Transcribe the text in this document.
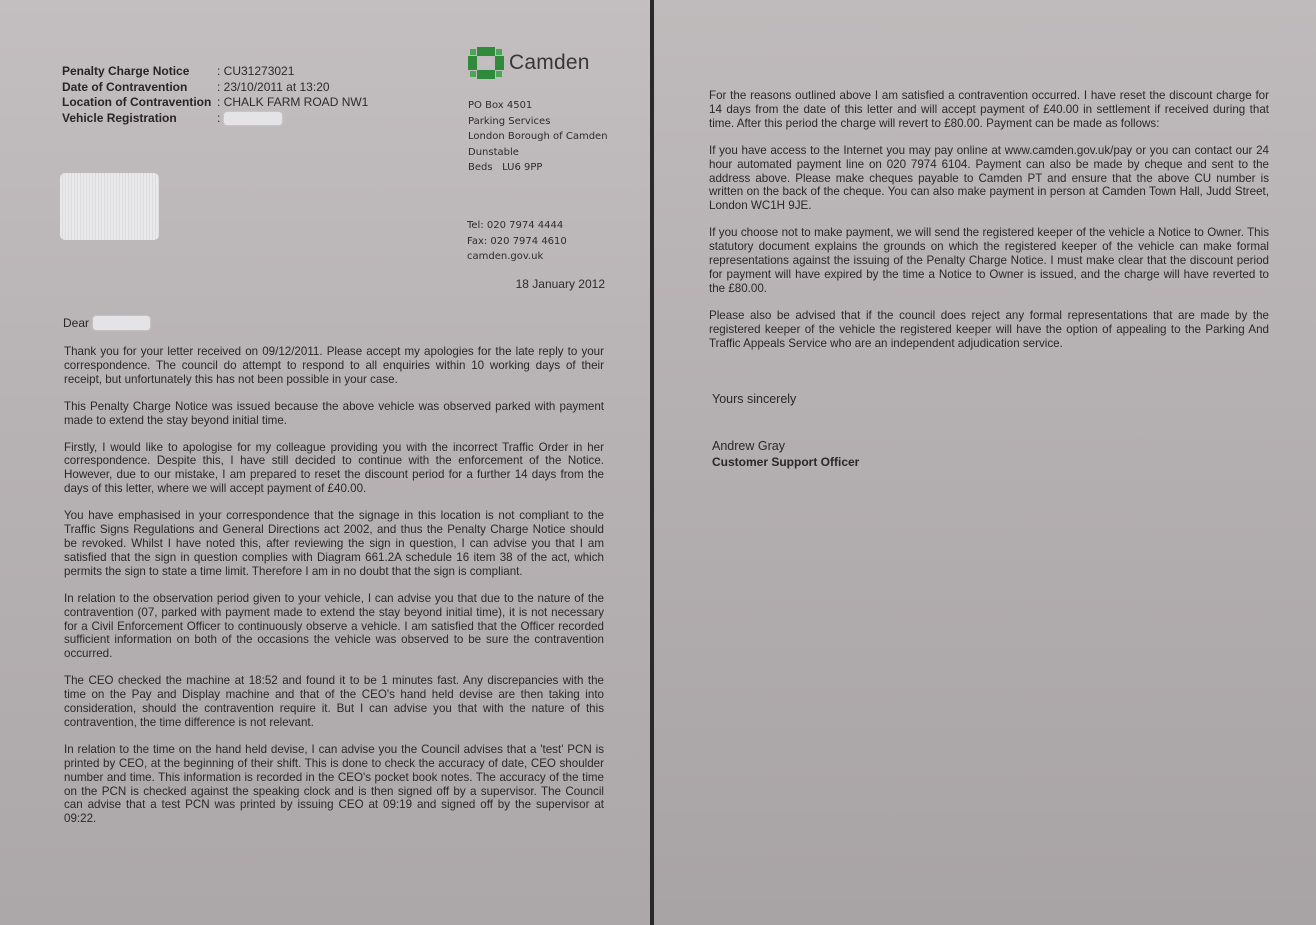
Penalty Charge Notice	: CU31273021
Date of Contravention	: 23/10/2011 at 13:20
Location of Contravention : CHALK FARM ROAD NW1
Vehicle Registration	:
Camden
PO Box 4501
Parking Services
London Borough of Camden
Dunstable
Beds   LU6 9PP
Tel: 020 7974 4444
Fax: 020 7974 4610
camden.gov.uk
18 January 2012
Dear

Thank you for your letter received on 09/12/2011. Please accept my apologies for the late reply to your correspondence. The council do attempt to respond to all enquiries within 10 working days of their receipt, but unfortunately this has not been possible in your case.

This Penalty Charge Notice was issued because the above vehicle was observed parked with payment made to extend the stay beyond initial time.

Firstly, I would like to apologise for my colleague providing you with the incorrect Traffic Order in her correspondence. Despite this, I have still decided to continue with the enforcement of the Notice. However, due to our mistake, I am prepared to reset the discount period for a further 14 days from the days of this letter, where we will accept payment of £40.00.

You have emphasised in your correspondence that the signage in this location is not compliant to the Traffic Signs Regulations and General Directions act 2002, and thus the Penalty Charge Notice should be revoked. Whilst I have noted this, after reviewing the sign in question, I can advise you that I am satisfied that the sign in question complies with Diagram 661.2A schedule 16 item 38 of the act, which permits the sign to state a time limit. Therefore I am in no doubt that the sign is compliant.

In relation to the observation period given to your vehicle, I can advise you that due to the nature of the contravention (07, parked with payment made to extend the stay beyond initial time), it is not necessary for a Civil Enforcement Officer to continuously observe a vehicle. I am satisfied that the Officer recorded sufficient information on both of the occasions the vehicle was observed to be sure the contravention occurred.

The CEO checked the machine at 18:52 and found it to be 1 minutes fast. Any discrepancies with the time on the Pay and Display machine and that of the CEO's hand held devise are then taking into consideration, should the contravention require it. But I can advise you that with the nature of this contravention, the time difference is not relevant.

In relation to the time on the hand held devise, I can advise you the Council advises that a 'test' PCN is printed by CEO, at the beginning of their shift. This is done to check the accuracy of date, CEO shoulder number and time. This information is recorded in the CEO's pocket book notes. The accuracy of the time on the PCN is checked against the speaking clock and is then signed off by a supervisor. The Council can advise that a test PCN was printed by issuing CEO at 09:19 and signed off by the supervisor at 09:22.

For the reasons outlined above I am satisfied a contravention occurred. I have reset the discount charge for 14 days from the date of this letter and will accept payment of £40.00 in settlement if received during that time. After this period the charge will revert to £80.00. Payment can be made as follows:

If you have access to the Internet you may pay online at www.camden.gov.uk/pay or you can contact our 24 hour automated payment line on 020 7974 6104. Payment can also be made by cheque and sent to the address above. Please make cheques payable to Camden PT and ensure that the above CU number is written on the back of the cheque. You can also make payment in person at Camden Town Hall, Judd Street, London WC1H 9JE.

If you choose not to make payment, we will send the registered keeper of the vehicle a Notice to Owner. This statutory document explains the grounds on which the registered keeper of the vehicle can make formal representations against the issuing of the Penalty Charge Notice. I must make clear that the discount period for payment will have expired by the time a Notice to Owner is issued, and the charge will have reverted to the £80.00.

Please also be advised that if the council does reject any formal representations that are made by the registered keeper of the vehicle the registered keeper will have the option of appealing to the Parking And Traffic Appeals Service who are an independent adjudication service.

Yours sincerely
Andrew Gray
Customer Support Officer
